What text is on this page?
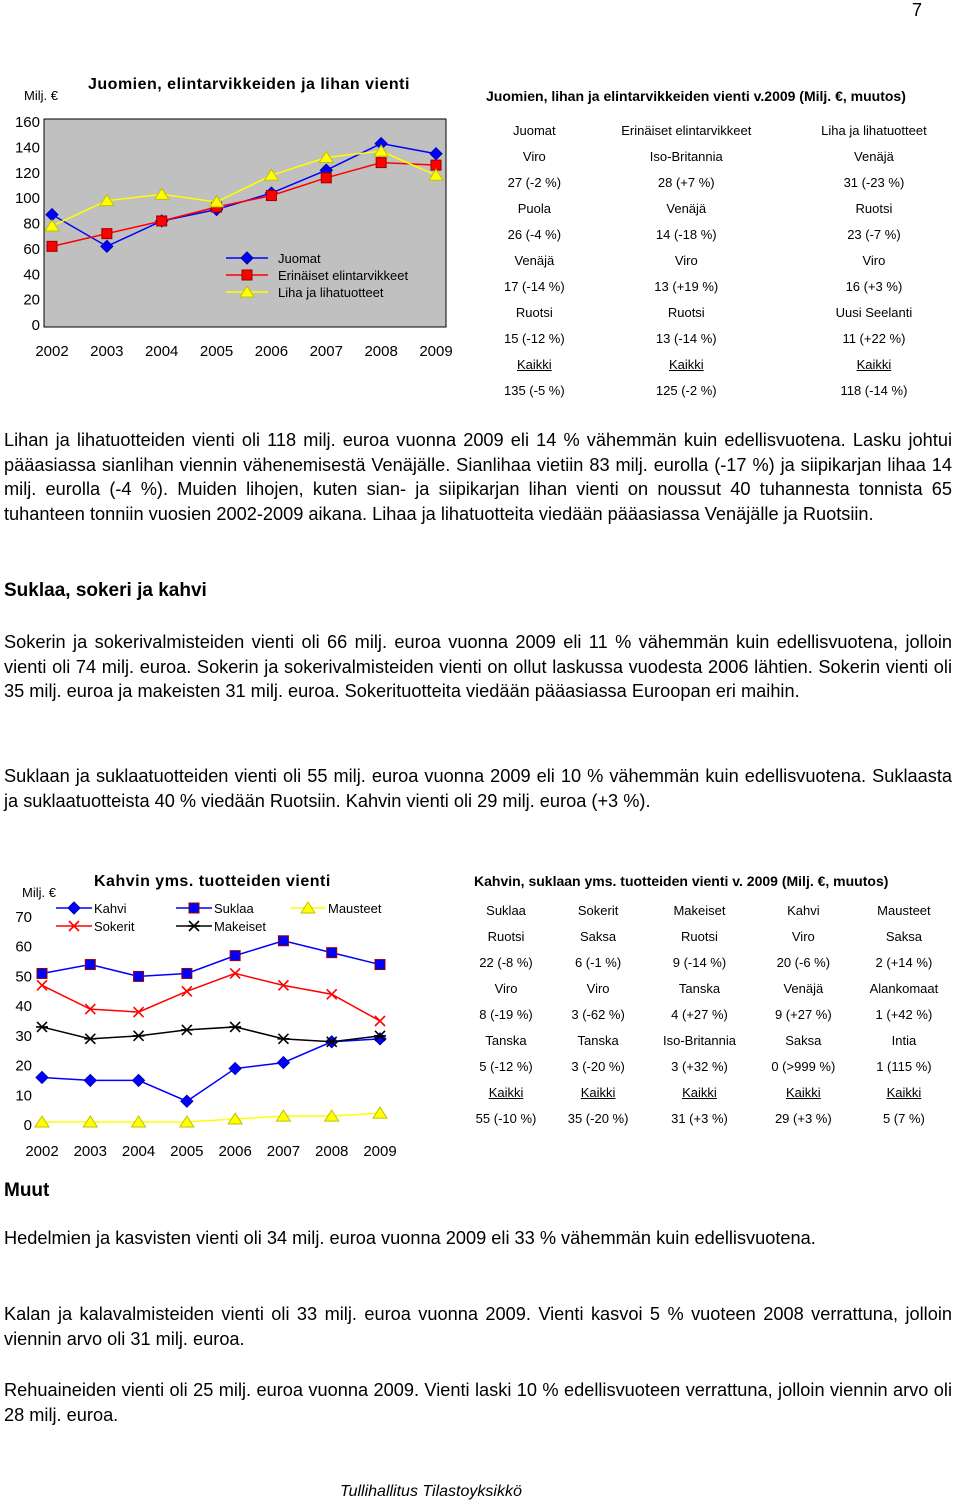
7
Juomien, elintarvikkeiden ja lihan vienti
Milj. €
0
20
40
60
80
100
120
140
160
2002 2003 2004 2005 2006 2007 2008 2009
Juomat
Erinäiset elintarvikkeet
Liha ja lihatuotteet
Juomien, lihan ja elintarvikkeiden vienti v.2009 (Milj. €, muutos)
Juomat	Erinäiset elintarvikkeet	Liha ja lihatuotteet
Viro	Iso-Britannia	Venäjä
27 (-2 %)	28 (+7 %)	31 (-23 %)
Puola	Venäjä	Ruotsi
26 (-4 %)	14 (-18 %)	23 (-7 %)
Venäjä	Viro	Viro
17 (-14 %)	13 (+19 %)	16 (+3 %)
Ruotsi	Ruotsi	Uusi Seelanti
15 (-12 %)	13 (-14 %)	11 (+22 %)
Kaikki	Kaikki	Kaikki
135 (-5 %)	125 (-2 %)	118 (-14 %)
Lihan ja lihatuotteiden vienti oli 118 milj. euroa vuonna 2009 eli 14 % vähemmän kuin edellisvuotena. Lasku johtui pääasiassa sianlihan viennin vähenemisestä Venäjälle. Sianlihaa vietiin 83 milj. eurolla (-17 %) ja siipikarjan lihaa 14 milj. eurolla (-4 %). Muiden lihojen, kuten sian- ja siipikarjan lihan vienti on noussut 40 tuhannesta tonnista 65 tuhanteen tonniin vuosien 2002-2009 aikana. Lihaa ja lihatuotteita viedään pääasiassa Venäjälle ja Ruotsiin.
Suklaa, sokeri ja kahvi
Sokerin ja sokerivalmisteiden vienti oli 66 milj. euroa vuonna 2009 eli 11 % vähemmän kuin edellisvuotena, jolloin vienti oli 74 milj. euroa. Sokerin ja sokerivalmisteiden vienti on ollut laskussa vuodesta 2006 lähtien. Sokerin vienti oli 35 milj. euroa ja makeisten 31 milj. euroa. Sokerituotteita viedään pääasiassa Euroopan eri maihin.
Suklaan ja suklaatuotteiden vienti oli 55 milj. euroa vuonna 2009 eli 10 % vähemmän kuin edellisvuotena. Suklaasta ja suklaatuotteista 40 % viedään Ruotsiin. Kahvin vienti oli 29 milj. euroa (+3 %).
Kahvin yms. tuotteiden vienti
Milj. €
0
10
20
30
40
50
60
70
2002 2003 2004 2005 2006 2007 2008 2009
Kahvi	Suklaa	Mausteet
Sokerit	Makeiset
Kahvin, suklaan yms. tuotteiden vienti v. 2009 (Milj. €, muutos)
Suklaa	Sokerit	Makeiset	Kahvi	Mausteet
Ruotsi	Saksa	Ruotsi	Viro	Saksa
22 (-8 %)	6 (-1 %)	9 (-14 %)	20 (-6 %)	2 (+14 %)
Viro	Viro	Tanska	Venäjä	Alankomaat
8 (-19 %)	3 (-62 %)	4 (+27 %)	9 (+27 %)	1 (+42 %)
Tanska	Tanska	Iso-Britannia	Saksa	Intia
5 (-12 %)	3 (-20 %)	3 (+32 %)	0 (>999 %)	1 (115 %)
Kaikki	Kaikki	Kaikki	Kaikki	Kaikki
55 (-10 %)	35 (-20 %)	31 (+3 %)	29 (+3 %)	5 (7 %)
Muut
Hedelmien ja kasvisten vienti oli 34 milj. euroa vuonna 2009 eli 33 % vähemmän kuin edellisvuotena.
Kalan ja kalavalmisteiden vienti oli 33 milj. euroa vuonna 2009. Vienti kasvoi 5 % vuoteen 2008 verrattuna, jolloin viennin arvo oli 31 milj. euroa.
Rehuaineiden vienti oli 25 milj. euroa vuonna 2009. Vienti laski 10 % edellisvuoteen verrattuna, jolloin viennin arvo oli 28 milj. euroa.
Tullihallitus Tilastoyksikkö
